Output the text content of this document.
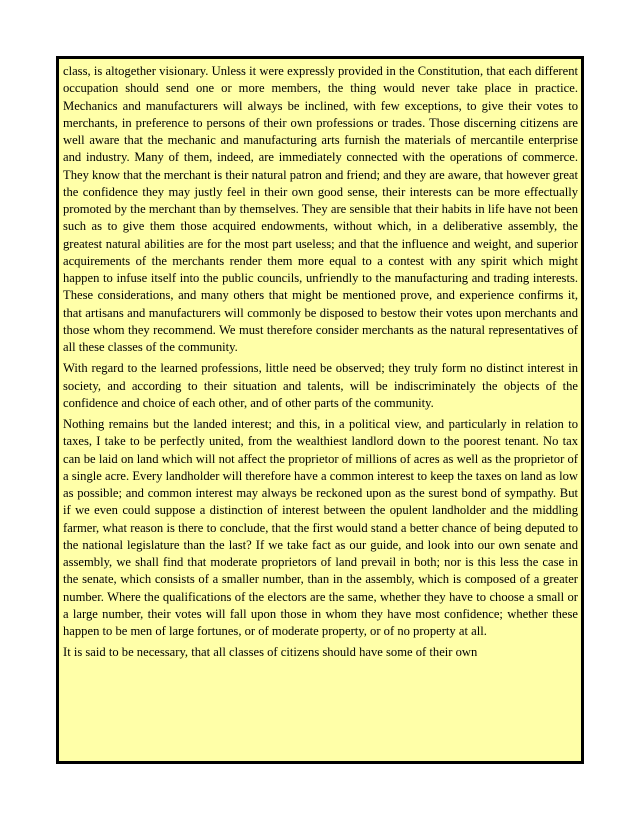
class, is altogether visionary. Unless it were expressly provided in the Constitution, that each different occupation should send one or more members, the thing would never take place in practice. Mechanics and manufacturers will always be inclined, with few exceptions, to give their votes to merchants, in preference to persons of their own professions or trades. Those discerning citizens are well aware that the mechanic and manufacturing arts furnish the materials of mercantile enterprise and industry. Many of them, indeed, are immediately connected with the operations of commerce. They know that the merchant is their natural patron and friend; and they are aware, that however great the confidence they may justly feel in their own good sense, their interests can be more effectually promoted by the merchant than by themselves. They are sensible that their habits in life have not been such as to give them those acquired endowments, without which, in a deliberative assembly, the greatest natural abilities are for the most part useless; and that the influence and weight, and superior acquirements of the merchants render them more equal to a contest with any spirit which might happen to infuse itself into the public councils, unfriendly to the manufacturing and trading interests. These considerations, and many others that might be mentioned prove, and experience confirms it, that artisans and manufacturers will commonly be disposed to bestow their votes upon merchants and those whom they recommend. We must therefore consider merchants as the natural representatives of all these classes of the community.

With regard to the learned professions, little need be observed; they truly form no distinct interest in society, and according to their situation and talents, will be indiscriminately the objects of the confidence and choice of each other, and of other parts of the community.

Nothing remains but the landed interest; and this, in a political view, and particularly in relation to taxes, I take to be perfectly united, from the wealthiest landlord down to the poorest tenant. No tax can be laid on land which will not affect the proprietor of millions of acres as well as the proprietor of a single acre. Every landholder will therefore have a common interest to keep the taxes on land as low as possible; and common interest may always be reckoned upon as the surest bond of sympathy. But if we even could suppose a distinction of interest between the opulent landholder and the middling farmer, what reason is there to conclude, that the first would stand a better chance of being deputed to the national legislature than the last? If we take fact as our guide, and look into our own senate and assembly, we shall find that moderate proprietors of land prevail in both; nor is this less the case in the senate, which consists of a smaller number, than in the assembly, which is composed of a greater number. Where the qualifications of the electors are the same, whether they have to choose a small or a large number, their votes will fall upon those in whom they have most confidence; whether these happen to be men of large fortunes, or of moderate property, or of no property at all.

It is said to be necessary, that all classes of citizens should have some of their own
